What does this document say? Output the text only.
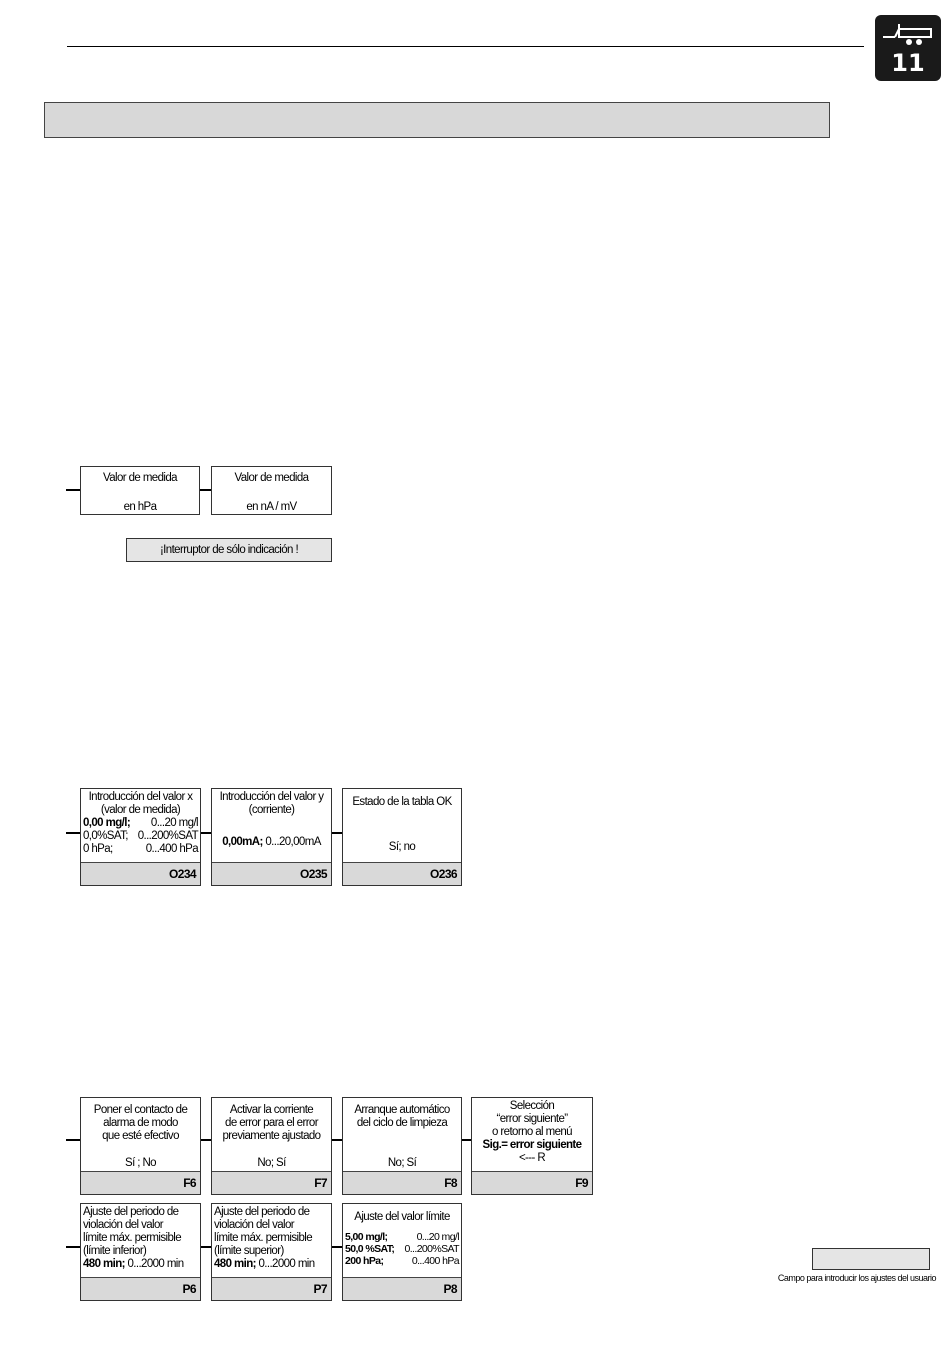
11
Valor de medida
en hPa
Valor de medida
en nA / mV
¡Interruptor de sólo indicación !
Introducción del valor x
(valor de medida)
0,00 mg/l; 0...20 mg/l
0,0%SAT; 0...200%SAT
0 hPa;	0...400 hPa
O234
Introducción del valor y
(corriente)
0,00mA; 0...20,00mA
O235
Estado de la tabla OK
Sí; no
O236
Poner el contacto de
alarma de modo
que esté efectivo
Sí ; No
F6
Activar la corriente
de error para el error
previamente ajustado
No; Sí
F7
Arranque automático
del ciclo de limpieza
No; Sí
F8
Selección
“error siguiente”
o retorno al menú
Sig.= error siguiente
<--- R
F9
Ajuste del periodo de
violación del valor
límite máx. permisible
(límite inferior)
480 min; 0...2000 min
P6
Ajuste del periodo de
violación del valor
límite máx. permisible
(límite superior)
480 min; 0...2000 min
P7
Ajuste del valor límite
5,00 mg/l;	0...20 mg/l
50,0 %SAT; 0...200%SAT
200 hPa;	0...400 hPa
P8
Campo para introducir los ajustes del usuario
